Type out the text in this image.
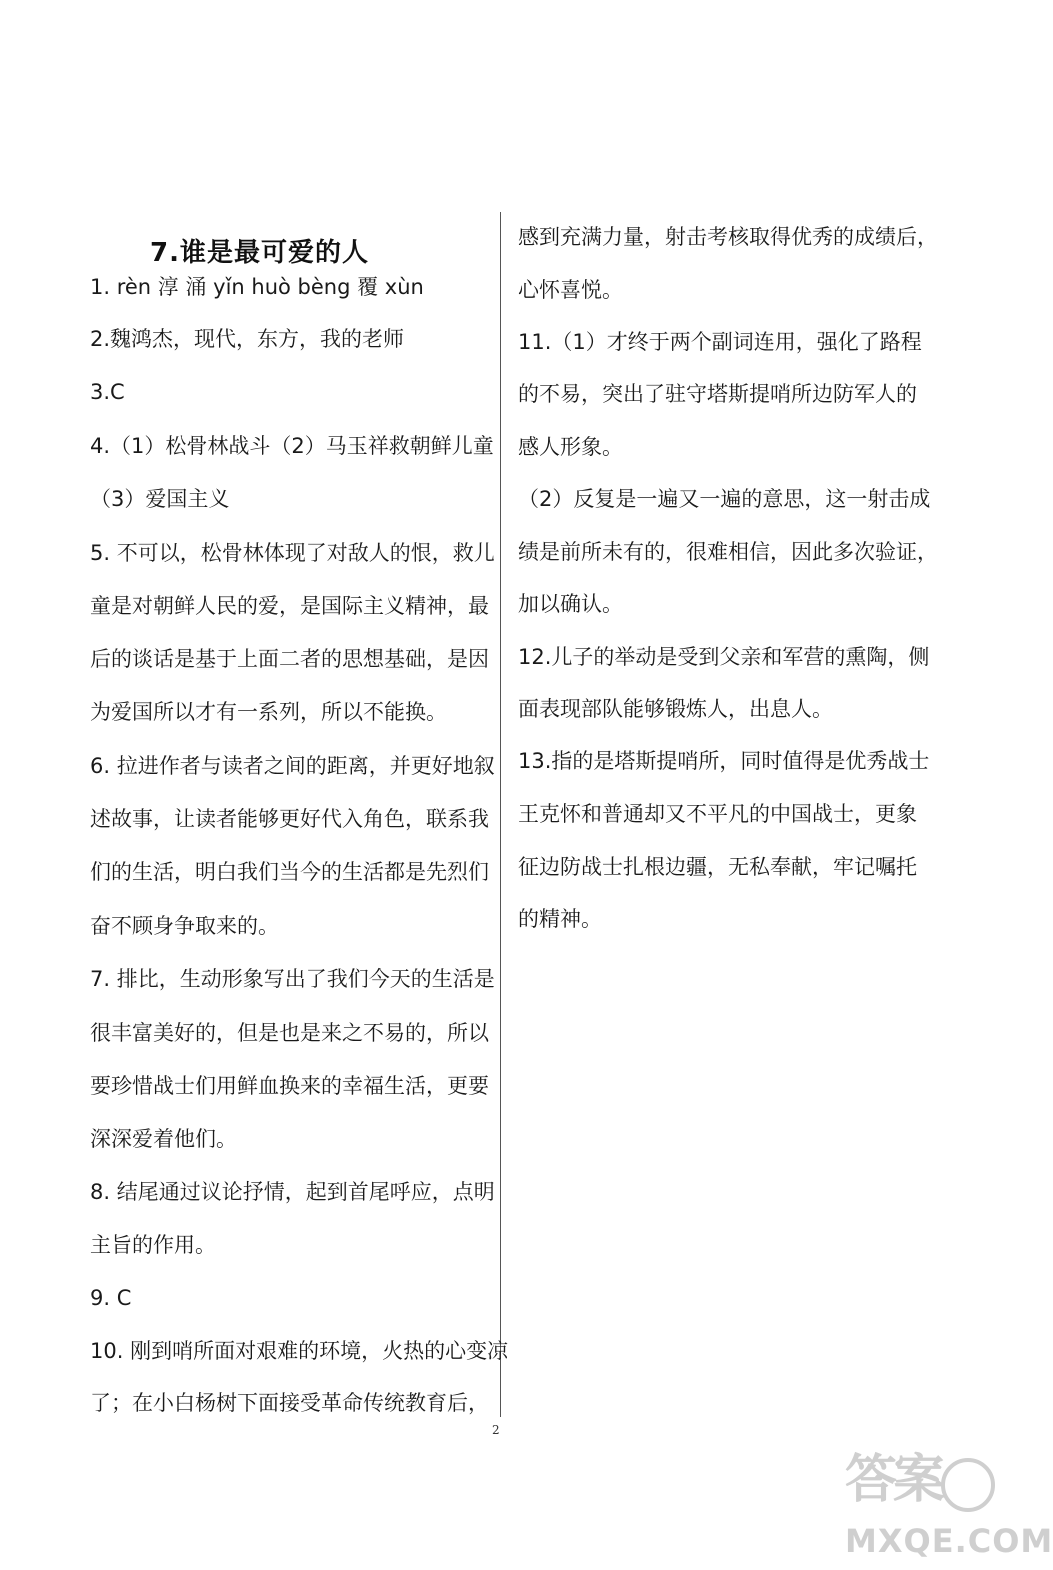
7.谁是最可爱的人
1. rèn 淳 涌 yǐn huò bèng 覆 xùn
2.魏鸿杰，现代，东方，我的老师
3.C
4.（1）松骨林战斗（2）马玉祥救朝鲜儿童
（3）爱国主义
5. 不可以，松骨林体现了对敌人的恨，救儿
童是对朝鲜人民的爱，是国际主义精神，最
后的谈话是基于上面二者的思想基础，是因
为爱国所以才有一系列，所以不能换。
6. 拉进作者与读者之间的距离，并更好地叙
述故事，让读者能够更好代入角色，联系我
们的生活，明白我们当今的生活都是先烈们
奋不顾身争取来的。
7. 排比，生动形象写出了我们今天的生活是
很丰富美好的，但是也是来之不易的，所以
要珍惜战士们用鲜血换来的幸福生活，更要
深深爱着他们。
8. 结尾通过议论抒情，起到首尾呼应，点明
主旨的作用。
9. C
10. 刚到哨所面对艰难的环境，火热的心变凉
了；在小白杨树下面接受革命传统教育后，
感到充满力量，射击考核取得优秀的成绩后，
心怀喜悦。
11.（1）才终于两个副词连用，强化了路程
的不易，突出了驻守塔斯提哨所边防军人的
感人形象。
（2）反复是一遍又一遍的意思，这一射击成
绩是前所未有的，很难相信，因此多次验证，
加以确认。
12.儿子的举动是受到父亲和军营的熏陶，侧
面表现部队能够锻炼人，出息人。
13.指的是塔斯提哨所，同时值得是优秀战士
王克怀和普通却又不平凡的中国战士，更象
征边防战士扎根边疆，无私奉献，牢记嘱托
的精神。
2
答案
MXQE.COM
